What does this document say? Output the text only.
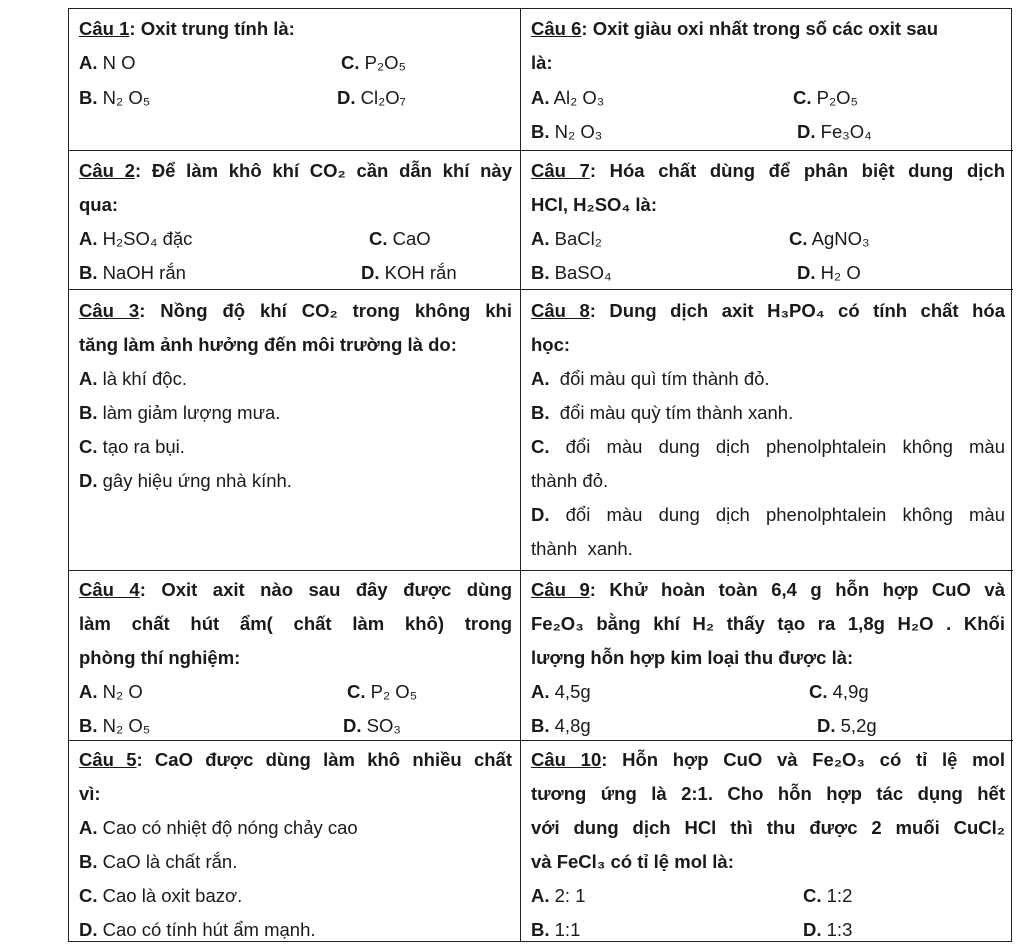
Câu 1: Oxit trung tính là:
A. N O	C. P₂O₅
B. N₂ O₅	D. Cl₂O₇
Câu 6: Oxit giàu oxi nhất trong số các oxit sau
là:
A. Al₂ O₃	C. P₂O₅
B. N₂ O₃	D. Fe₃O₄
Câu 2: Để làm khô khí CO₂ cần dẫn khí này
qua:
A. H₂SO₄ đặc	C. CaO
B. NaOH rắn	D. KOH rắn
Câu 7: Hóa chất dùng để phân biệt dung dịch
HCl, H₂SO₄ là:
A. BaCl₂	C. AgNO₃
B. BaSO₄	D. H₂ O
Câu 3: Nồng độ khí CO₂ trong không khi
tăng làm ảnh hưởng đến môi trường là do:
A. là khí độc.
B. làm giảm lượng mưa.
C. tạo ra bụi.
D. gây hiệu ứng nhà kính.
Câu 8: Dung dịch axit H₃PO₄ có tính chất hóa
học:
A.  đổi màu quì tím thành đỏ.
B.  đổi màu quỳ tím thành xanh.
C. đổi màu dung dịch phenolphtalein không màu
thành đỏ.
D. đổi màu dung dịch phenolphtalein không màu
thành  xanh.
Câu 4: Oxit axit nào sau đây được dùng
làm chất hút ẩm( chất làm khô) trong
phòng thí nghiệm:
A. N₂ O	C. P₂ O₅
B. N₂ O₅	D. SO₃
Câu 9: Khử hoàn toàn 6,4 g hỗn hợp CuO và
Fe₂O₃ bằng khí H₂ thấy tạo ra 1,8g H₂O . Khối
lượng hỗn hợp kim loại thu được là:
A. 4,5g	C. 4,9g
B. 4,8g	D. 5,2g
Câu 5: CaO được dùng làm khô nhiều chất
vì:
A. Cao có nhiệt độ nóng chảy cao
B. CaO là chất rắn.
C. Cao là oxit bazơ.
D. Cao có tính hút ẩm mạnh.
Câu 10: Hỗn hợp CuO và Fe₂O₃ có tỉ lệ mol
tương ứng là 2:1. Cho hỗn hợp tác dụng hết
với dung dịch HCl thì thu được 2 muối CuCl₂
và FeCl₃ có tỉ lệ mol là:
A. 2: 1	C. 1:2
B. 1:1	D. 1:3
